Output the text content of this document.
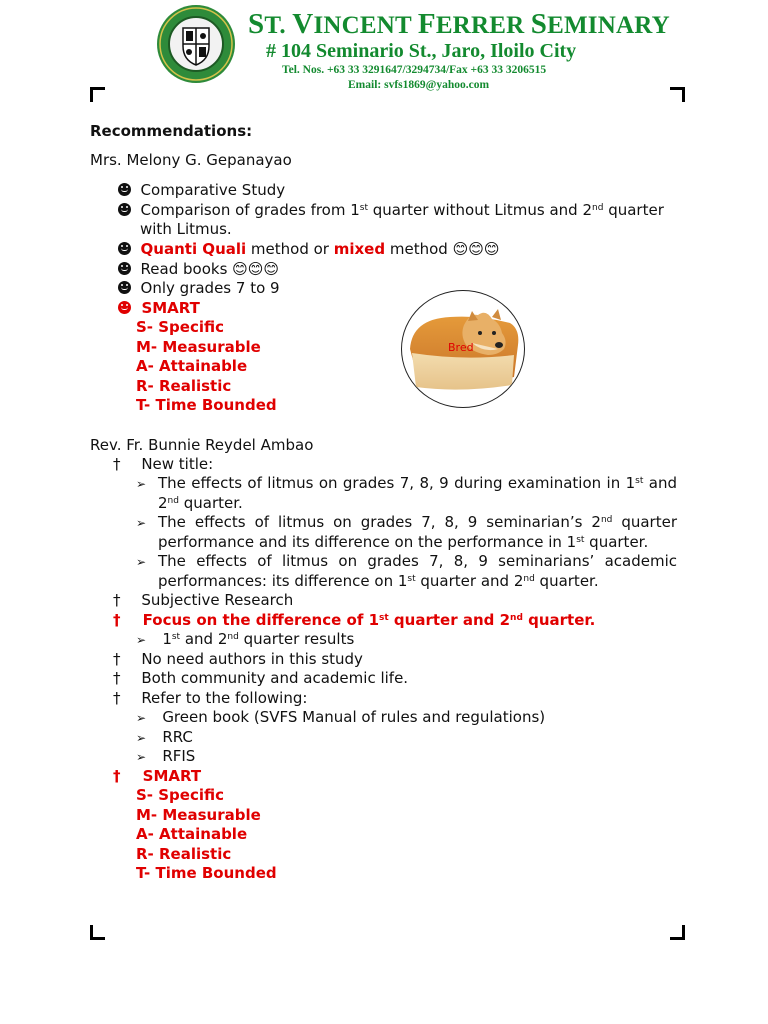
ST. VINCENT FERRER SEMINARY
# 104 Seminario St., Jaro, Iloilo City
Tel. Nos. +63 33 3291647/3294734/Fax +63 33 3206515
Email: svfs1869@yahoo.com
Recommendations:
Mrs. Melony G. Gepanayao
Comparative Study
Comparison of grades from 1st quarter without Litmus and 2nd quarter
with Litmus.
Quanti Quali method or mixed method 😊😊😊
Read books 😊😊😊
Only grades 7 to 9
SMART
S- Specific
M- Measurable
A- Attainable
R- Realistic
T- Time Bounded
Bred
Rev. Fr. Bunnie Reydel Ambao
† New title:
➢ The effects of litmus on grades 7, 8, 9 during examination in 1st and
2nd quarter.
➢ The effects of litmus on grades 7, 8, 9 seminarian’s 2nd quarter
performance and its difference on the performance in 1st quarter.
➢ The effects of litmus on grades 7, 8, 9 seminarians’ academic
performances: its difference on 1st quarter and 2nd quarter.
† Subjective Research
† Focus on the difference of 1st quarter and 2nd quarter.
➢ 1st and 2nd quarter results
† No need authors in this study
† Both community and academic life.
† Refer to the following:
➢ Green book (SVFS Manual of rules and regulations)
➢ RRC
➢ RFIS
† SMART
S- Specific
M- Measurable
A- Attainable
R- Realistic
T- Time Bounded
